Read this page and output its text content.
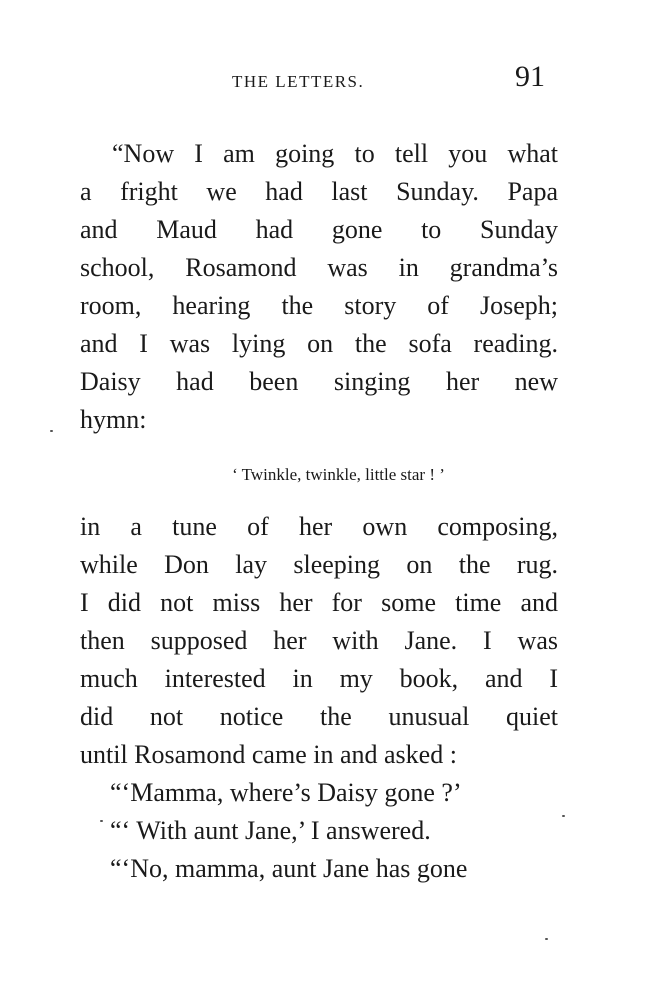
THE LETTERS.	91
“Now I am going to tell you what
a fright we had last Sunday. Papa
and Maud had gone to Sunday
school, Rosamond was in grandma’s
room, hearing the story of Joseph;
and I was lying on the sofa reading.
Daisy had been singing her new
hymn:
‘ Twinkle, twinkle, little star ! ’
in a tune of her own composing,
while Don lay sleeping on the rug.
I did not miss her for some time and
then supposed her with Jane. I was
much interested in my book, and I
did not notice the unusual quiet
until Rosamond came in and asked :
“‘Mamma, where’s Daisy gone ?’
“‘ With aunt Jane,’ I answered.
“‘No, mamma, aunt Jane has gone
